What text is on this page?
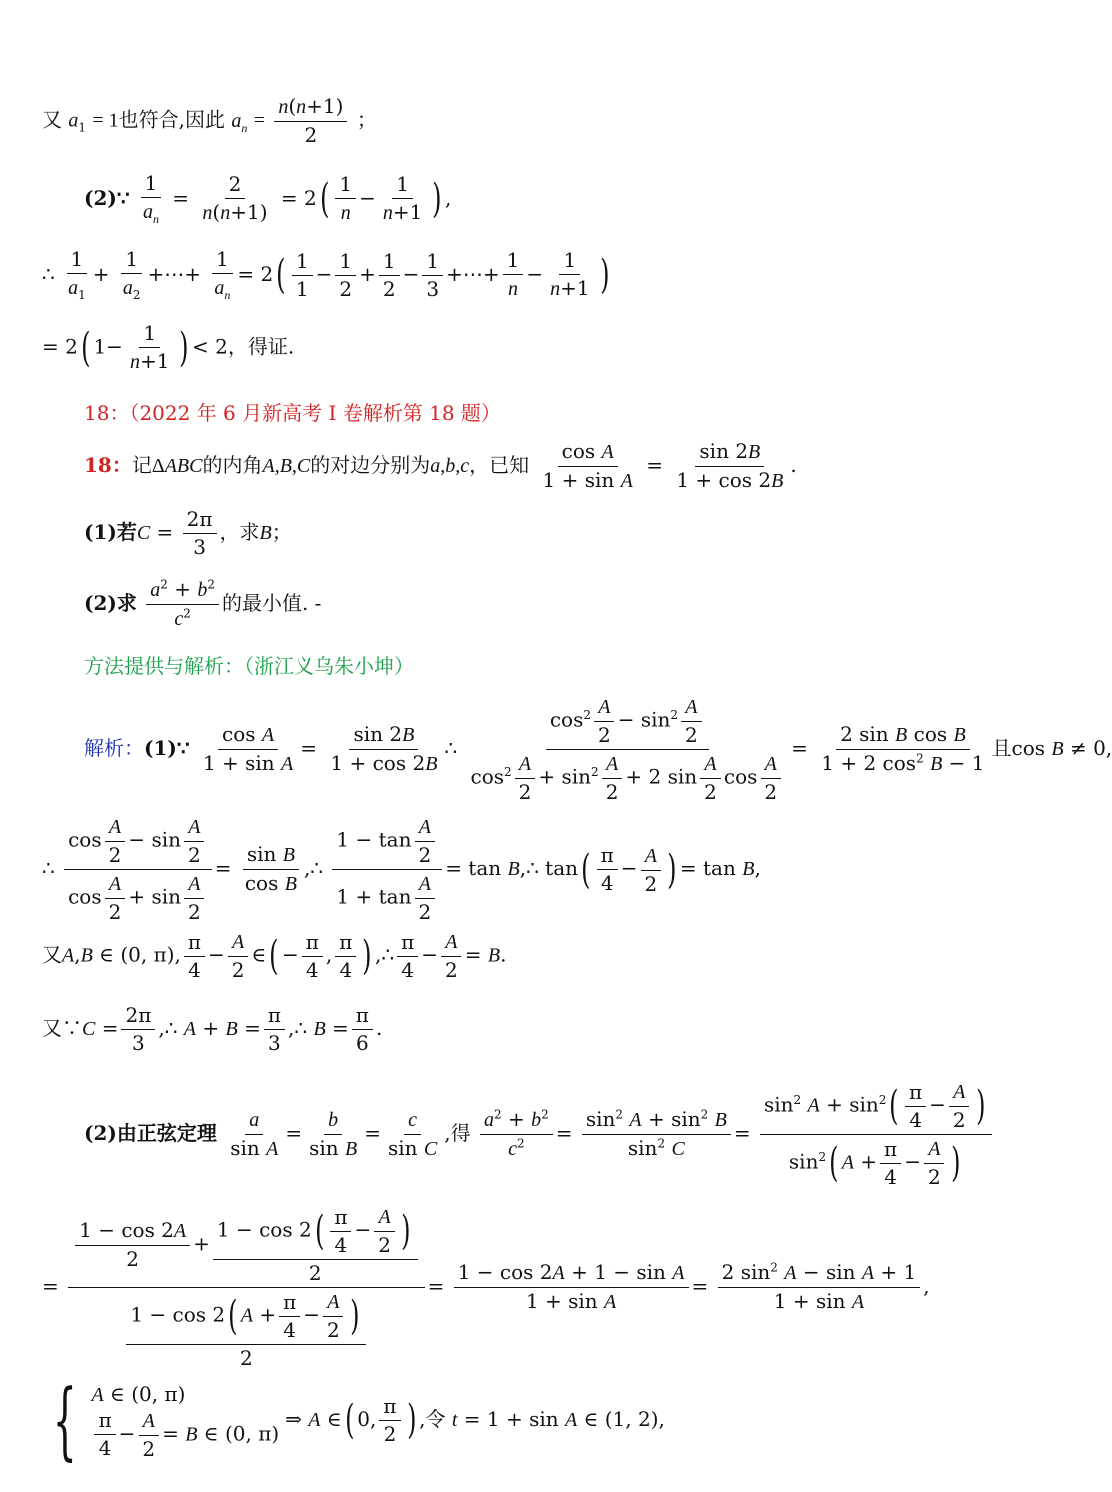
又 $a_1 = 1$也符合,因此 $a_n = \frac{n(n+1)}{2}$ ；
(2)∵ $\frac{1}{a_n} = \frac{2}{n(n+1)} = 2( \frac{1}{n} - \frac{1}{n+1}$ ) ,
∴ $\frac{1}{a_1} + \frac{1}{a_2}$ +⋯+ $\frac{1}{a_n} = 2( \frac{1}{1} - \frac{1}{2} + \frac{1}{2} - \frac{1}{3}$ +⋯+ $\frac{1}{n} - \frac{1}{n+1}$ )
= 2( $1- \frac{1}{n+1}$ ) < 2，得证.
18：（2022 年 6 月新高考 Ⅰ 卷解析第 18 题）
18：记ΔABC的内角A,B,C的对边分别为a,b,c，已知 $\frac{\text{cos A}}{\text{1 + sin A}} = \frac{\sin 2B}{1 + \cos 2B}$ .
(1)若$C = \frac{2\pi}{3}$ ，求B；
(2)求 $\frac{a^2 + b^2}{c^2}$ 的最小值. -
方法提供与解析：（浙江义乌朱小坤）
解析：(1)∵ $\frac{\text{cos A}}{\text{1 + sin A}} = \frac{\sin 2B}{1 + \cos 2B}$ ∴ $\frac{\cos^2 \frac{A}{2} - \sin^2 \frac{A}{2}}{\cos^2 \frac{A}{2} + \sin^2 \frac{A}{2} + 2 \sin \frac{A}{2} \cos \frac{A}{2}} = \frac{\text{2 sin B cos B}}{1 + 2 \cos^2 B - 1}$ 且cos B ≠ 0,
∴ $\frac{\cos \frac{A}{2} - \sin \frac{A}{2}}{\cos \frac{A}{2} + \sin \frac{A}{2}} = \frac{\text{sin B}}{\text{cos B}}$ ,∴ $\frac{1 - \tan \frac{A}{2}}{1 + \tan \frac{A}{2}} = \tan$ B,∴ $\tan( \frac{\pi}{4} - \frac{A}{2}$ ) = tan B,
又A,B ∈ (0, π), $\frac{\pi}{4} - \frac{A}{2}$ ∈( − $\frac{\pi}{4}$ , $\frac{\pi}{4}$ ) ,∴ $\frac{\pi}{4} - \frac{A}{2} = B$.
又∵C = $\frac{2\pi}{3}$ ,∴ $A + B = \frac{\pi}{3}$ ,∴ $B = \frac{\pi}{6}$ .
(2)由正弦定理 $\frac{a}{\text{sin A}} = \frac{b}{\text{sin B}} = \frac{c}{\text{sin C}}$ ,得 $\frac{a^2 + b^2}{c^2} = \frac{\sin^2 A + \sin^2 B}{\sin^2 C} = \frac{\sin^2 A + \sin^2( \frac{\pi}{4} - \frac{A}{2} )}{\sin^2( A + \frac{\pi}{4} - \frac{A}{2} )}$
= $\frac{\frac{1 - \cos 2A}{2} + \frac{1 - \cos 2( \frac{\pi}{4} - \frac{A}{2} )}{2}}{\frac{1 - \cos 2( A + \frac{\pi}{4} - \frac{A}{2} )}{2}} = \frac{\text{1 − cos 2A + 1 − sin A}}{\text{1 + sin A}} = \frac{2 \sin^2 A - \sin A + 1}{\text{1 + sin A}}$ ,
{ A ∈ (0, π)
$\frac{\pi}{4} - \frac{A}{2} = B$ ∈ (0, π)
⇒ A ∈( 0, $\frac{\pi}{2}$ ) ,令 t = 1 + sin A ∈ (1, 2),
